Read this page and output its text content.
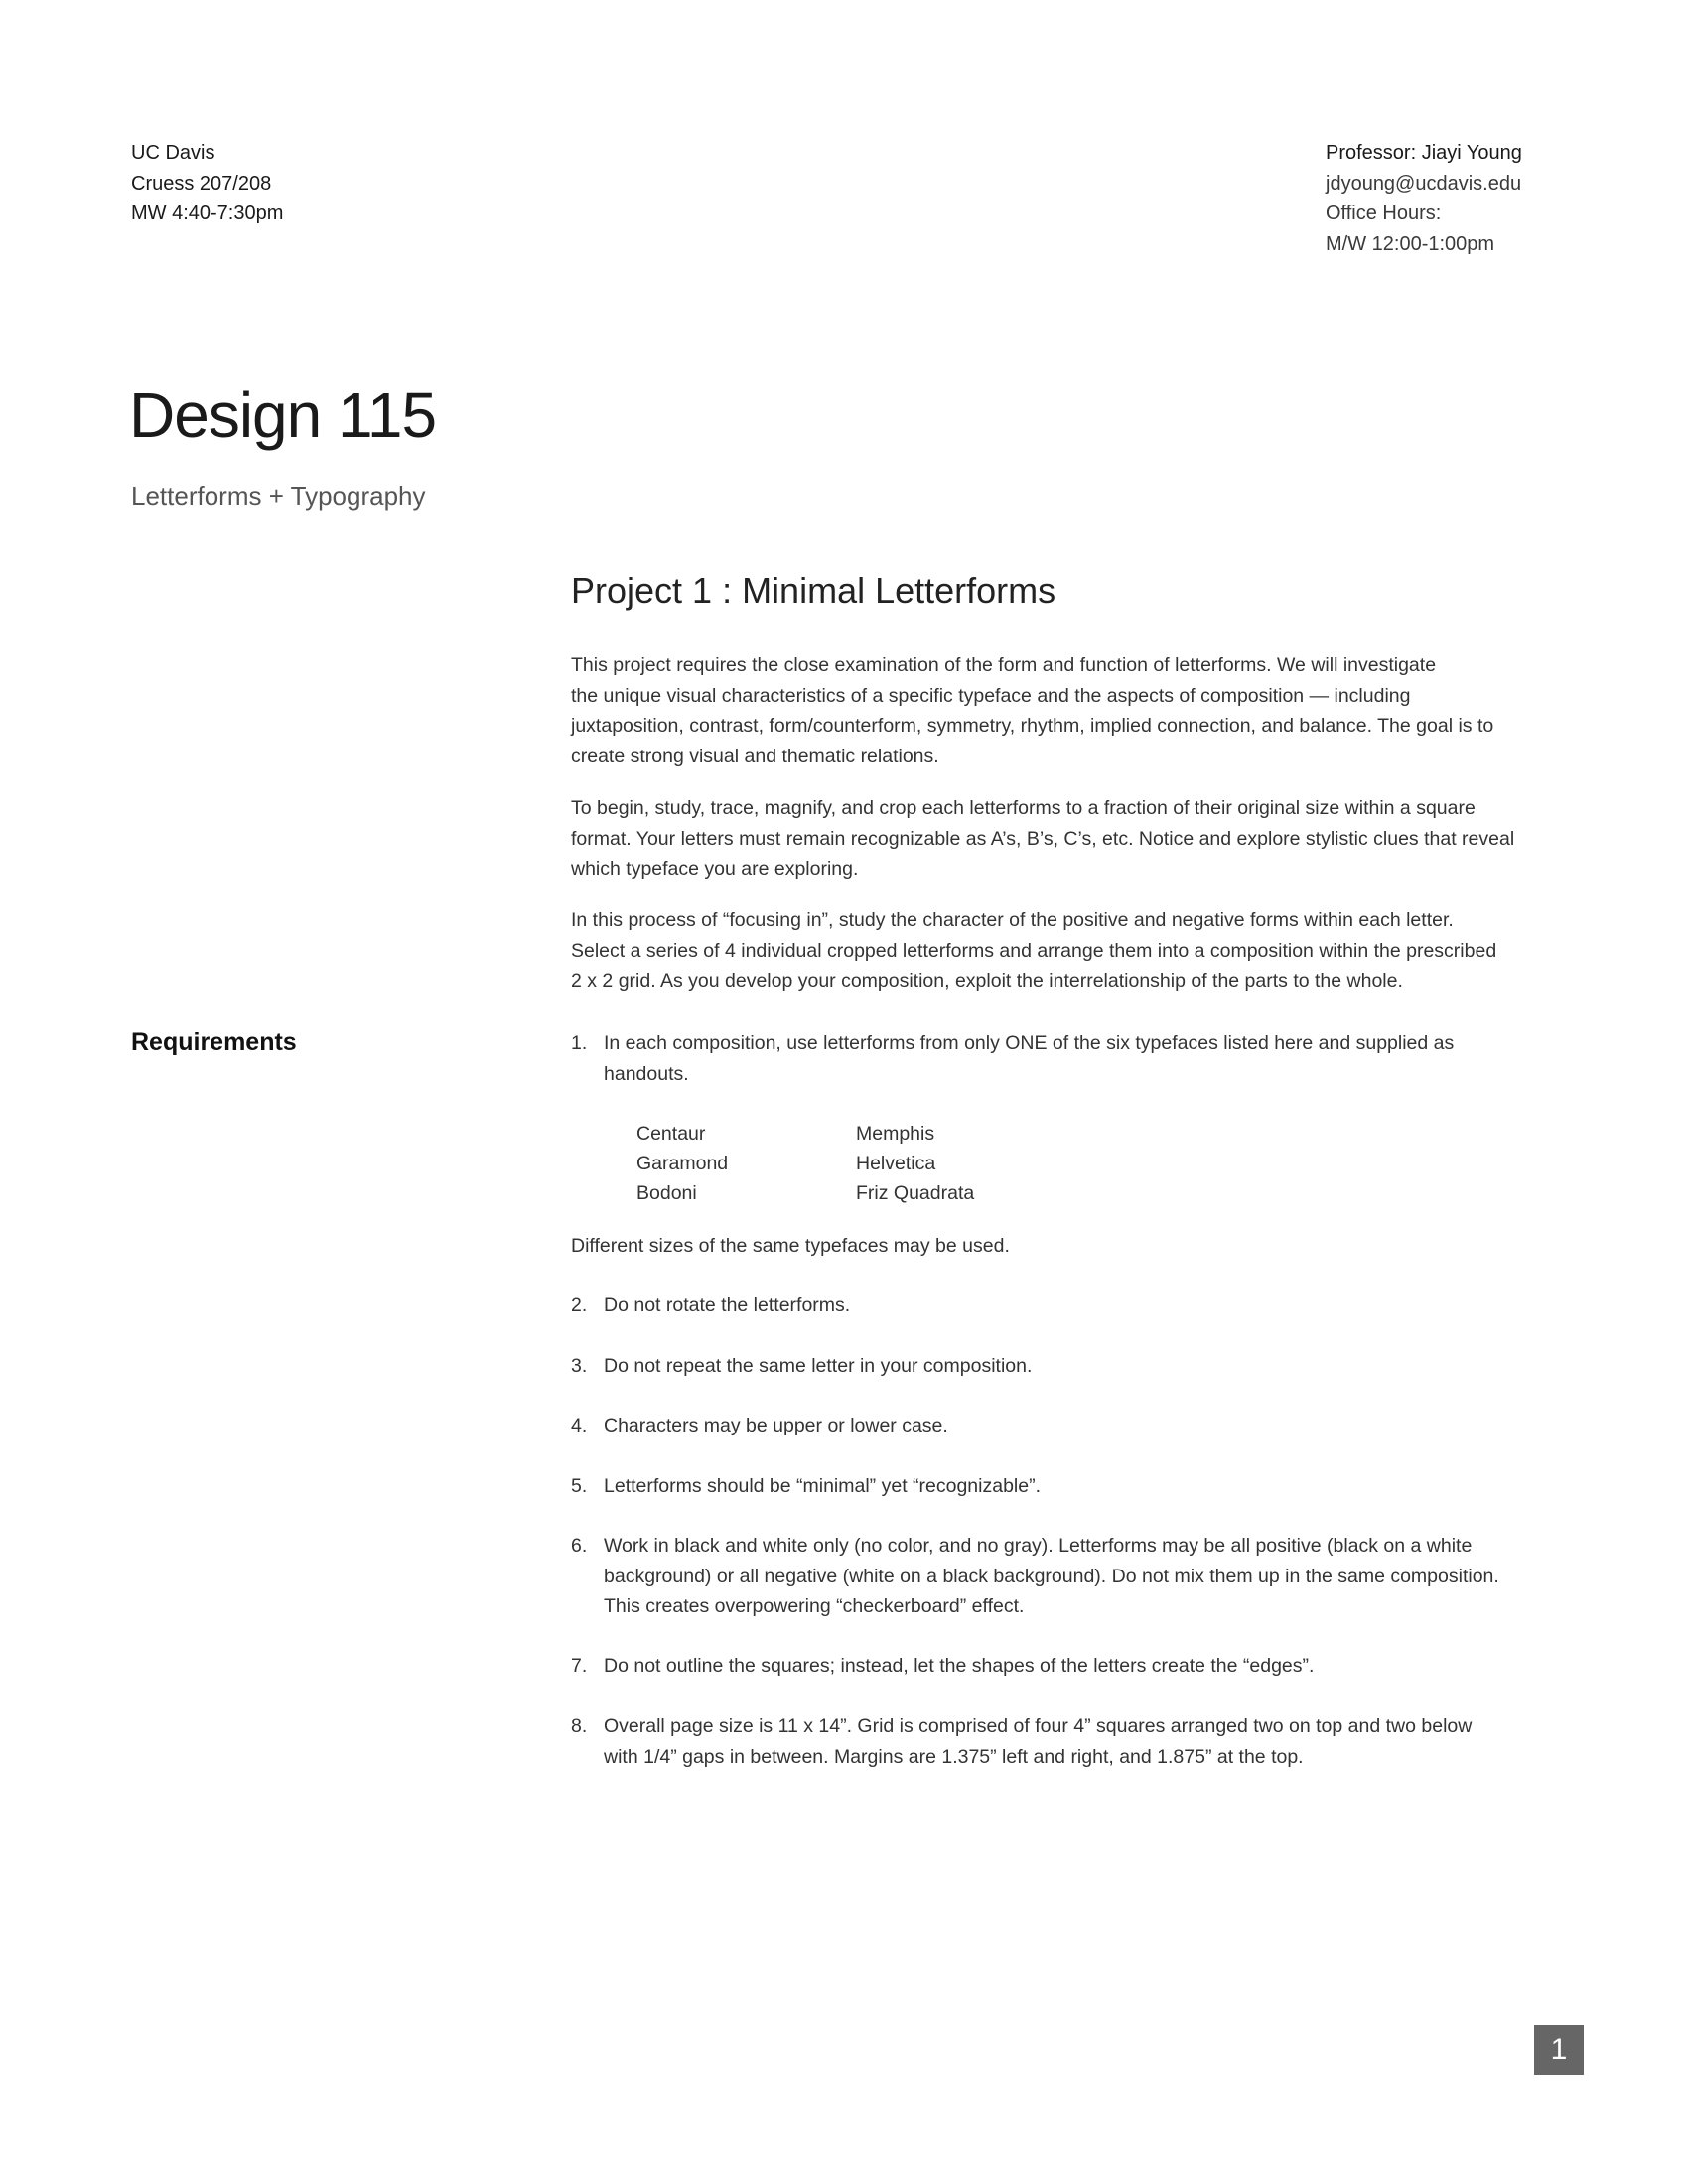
UC Davis
Cruess 207/208
MW 4:40-7:30pm
Professor: Jiayi Young
jdyoung@ucdavis.edu
Office Hours:
M/W 12:00-1:00pm
Design 115
Letterforms + Typography
Project 1 : Minimal Letterforms

This project requires the close examination of the form and function of letterforms. We will investigate

the unique visual characteristics of a specific typeface and the aspects of composition — including

juxtaposition, contrast, form/counterform, symmetry, rhythm, implied connection, and balance. The goal is to

create strong visual and thematic relations.

To begin, study, trace, magnify, and crop each letterforms to a fraction of their original size within a square

format. Your letters must remain recognizable as A’s, B’s, C’s, etc. Notice and explore stylistic clues that reveal

which typeface you are exploring.

In this process of “focusing in”, study the character of the positive and negative forms within each letter.

Select a series of 4 individual cropped letterforms and arrange them into a composition within the prescribed

2 x 2 grid. As you develop your composition, exploit the interrelationship of the parts to the whole.

Requirements	1. In each composition, use letterforms from only ONE of the six typefaces listed here and supplied as
handouts.
Centaur
Garamond
Bodoni
Memphis
Helvetica
Friz Quadrata
Different sizes of the same typefaces may be used.
2. Do not rotate the letterforms.
3. Do not repeat the same letter in your composition.
4. Characters may be upper or lower case.
5. Letterforms should be “minimal” yet “recognizable”.
6. Work in black and white only (no color, and no gray). Letterforms may be all positive (black on a white
background) or all negative (white on a black background). Do not mix them up in the same composition.
This creates overpowering “checkerboard” effect.
7. Do not outline the squares; instead, let the shapes of the letters create the “edges”.
8. Overall page size is 11 x 14”. Grid is comprised of four 4” squares arranged two on top and two below
with 1/4” gaps in between. Margins are 1.375” left and right, and 1.875” at the top.
1
